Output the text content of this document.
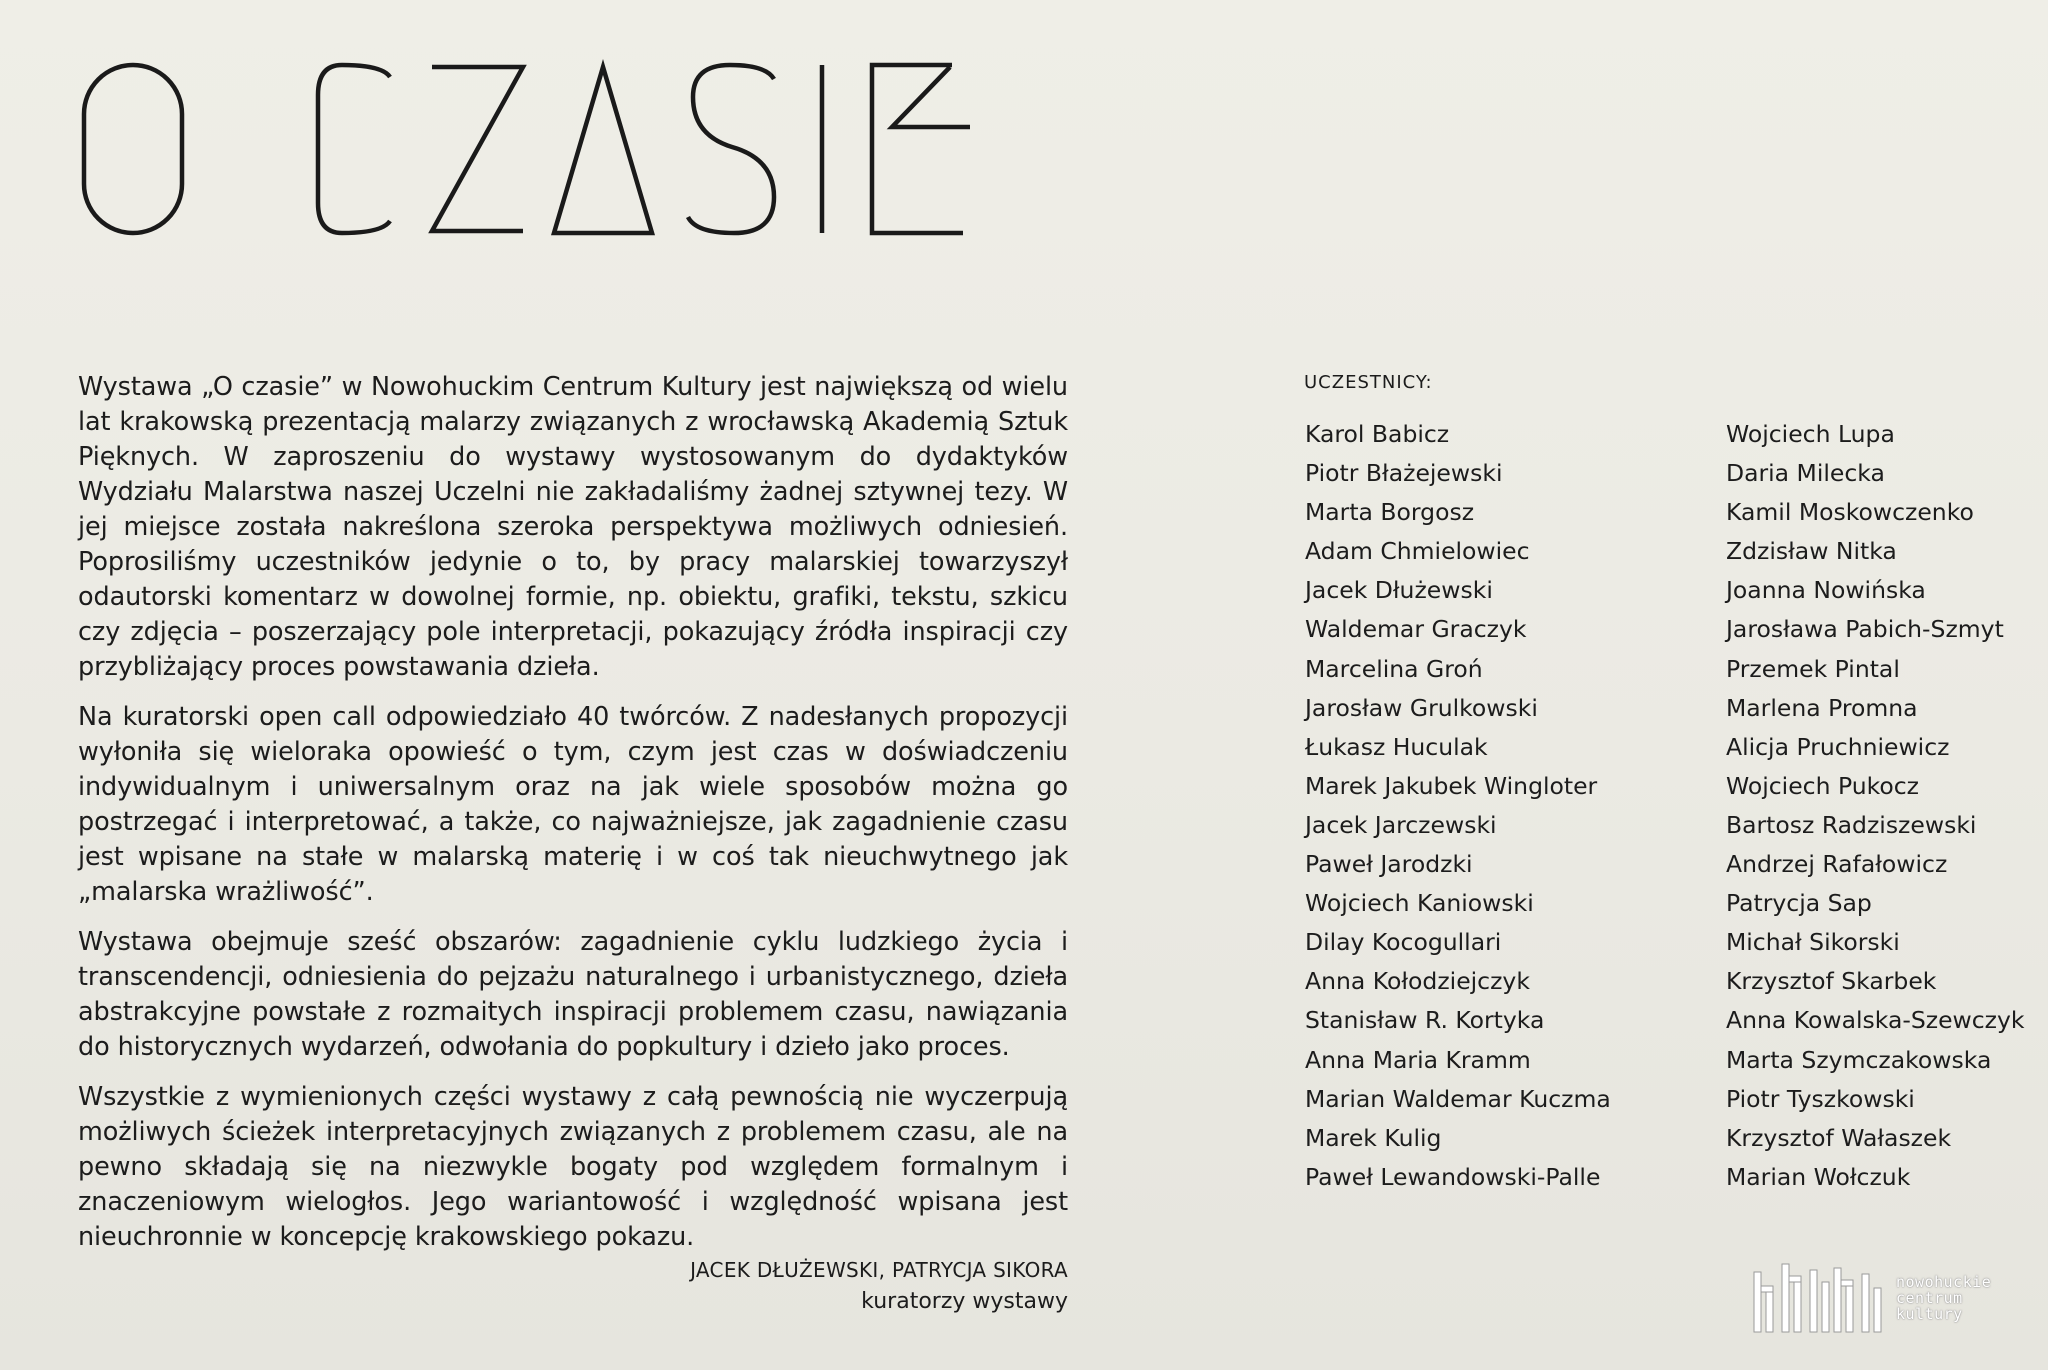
Wystawa „O czasie” w Nowohuckim Centrum Kultury jest największą od wielu lat krakowską prezentacją malarzy związanych z wrocławską Akademią Sztuk Pięknych. W zaproszeniu do wystawy wystosowanym do dydaktyków Wydziału Malarstwa naszej Uczelni nie zakładaliśmy żadnej sztywnej tezy. W jej miejsce została nakreślona szeroka perspektywa możliwych odniesień. Poprosiliśmy uczestników jedynie o to, by pracy malarskiej towarzyszył odautorski komentarz w dowolnej formie, np. obiektu, grafiki, tekstu, szkicu czy zdjęcia – poszerzający pole interpretacji, pokazujący źródła inspiracji czy przybliżający proces powstawania dzieła.

Na kuratorski open call odpowiedziało 40 twórców. Z nadesłanych propozycji wyłoniła się wieloraka opowieść o tym, czym jest czas w doświadczeniu indywidualnym i uniwersalnym oraz na jak wiele sposobów można go postrzegać i interpretować, a także, co najważniejsze, jak zagadnienie czasu jest wpisane na stałe w malarską materię i w coś tak nieuchwytnego jak „malarska wrażliwość”.

Wystawa obejmuje sześć obszarów: zagadnienie cyklu ludzkiego życia i transcendencji, odniesienia do pejzażu naturalnego i urbanistycznego, dzieła abstrakcyjne powstałe z rozmaitych inspiracji problemem czasu, nawiązania do historycznych wydarzeń, odwołania do popkultury i dzieło jako proces.

Wszystkie z wymienionych części wystawy z całą pewnością nie wyczerpują możliwych ścieżek interpretacyjnych związanych z problemem czasu, ale na pewno składają się na niezwykle bogaty pod względem formalnym i znaczeniowym wielogłos. Jego wariantowość i względność wpisana jest nieuchronnie w koncepcję krakowskiego pokazu.

JACEK DŁUŻEWSKI, PATRYCJA SIKORA
kuratorzy wystawy
UCZESTNICY:
Karol Babicz
Piotr Błażejewski
Marta Borgosz
Adam Chmielowiec
Jacek Dłużewski
Waldemar Graczyk
Marcelina Groń
Jarosław Grulkowski
Łukasz Huculak
Marek Jakubek Wingloter
Jacek Jarczewski
Paweł Jarodzki
Wojciech Kaniowski
Dilay Kocogullari
Anna Kołodziejczyk
Stanisław R. Kortyka
Anna Maria Kramm
Marian Waldemar Kuczma
Marek Kulig
Paweł Lewandowski-Palle
Wojciech Lupa
Daria Milecka
Kamil Moskowczenko
Zdzisław Nitka
Joanna Nowińska
Jarosława Pabich-Szmyt
Przemek Pintal
Marlena Promna
Alicja Pruchniewicz
Wojciech Pukocz
Bartosz Radziszewski
Andrzej Rafałowicz
Patrycja Sap
Michał Sikorski
Krzysztof Skarbek
Anna Kowalska-Szewczyk
Marta Szymczakowska
Piotr Tyszkowski
Krzysztof Wałaszek
Marian Wołczuk
nowohuckie
centrum
kultury
